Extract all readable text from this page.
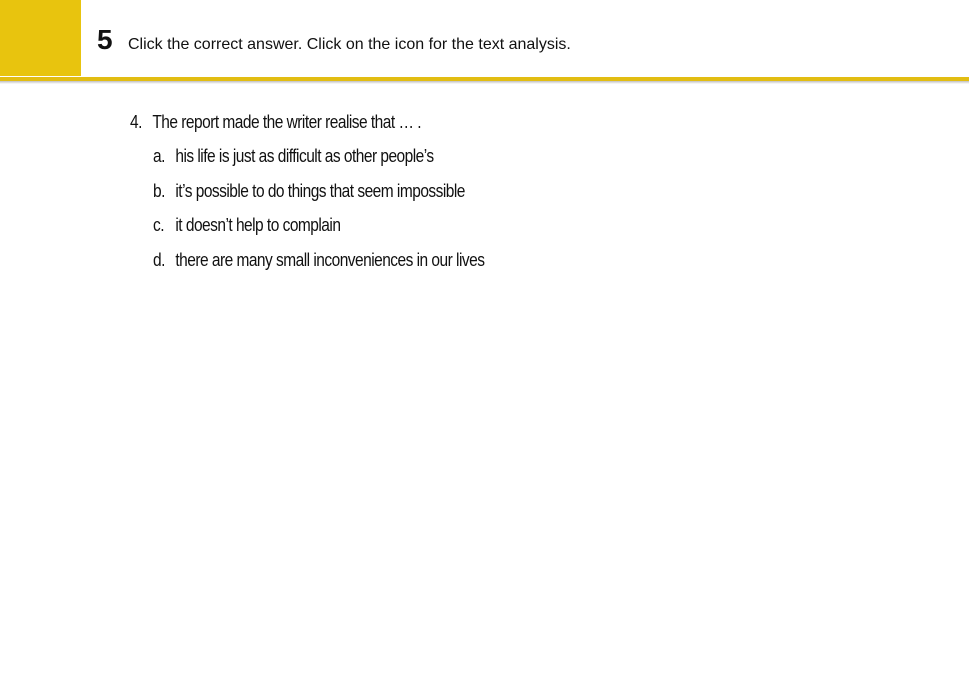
5 Click the correct answer. Click on the icon for the text analysis.
4. The report made the writer realise that … .
a. his life is just as difficult as other people’s
b. it’s possible to do things that seem impossible
c. it doesn’t help to complain
d. there are many small inconveniences in our lives
